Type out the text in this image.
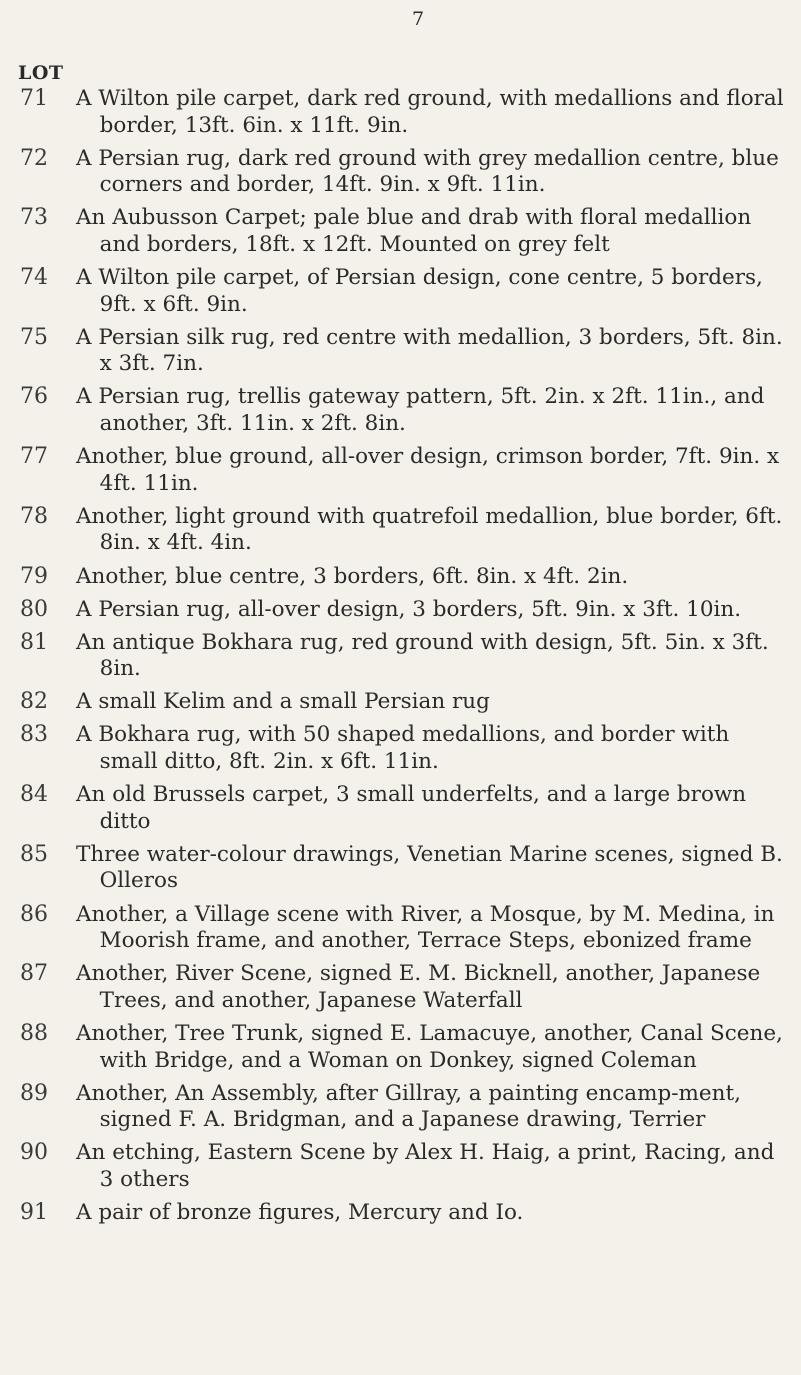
7
LOT
71 A Wilton pile carpet, dark red ground, with medallions and floral border, 13ft. 6in. x 11ft. 9in.
72 A Persian rug, dark red ground with grey medallion centre, blue corners and border, 14ft. 9in. x 9ft. 11in.
73 An Aubusson Carpet; pale blue and drab with floral medallion and borders, 18ft. x 12ft. Mounted on grey felt
74 A Wilton pile carpet, of Persian design, cone centre, 5 borders, 9ft. x 6ft. 9in.
75 A Persian silk rug, red centre with medallion, 3 borders, 5ft. 8in. x 3ft. 7in.
76 A Persian rug, trellis gateway pattern, 5ft. 2in. x 2ft. 11in., and another, 3ft. 11in. x 2ft. 8in.
77 Another, blue ground, all-over design, crimson border, 7ft. 9in. x 4ft. 11in.
78 Another, light ground with quatrefoil medallion, blue border, 6ft. 8in. x 4ft. 4in.
79 Another, blue centre, 3 borders, 6ft. 8in. x 4ft. 2in.
80 A Persian rug, all-over design, 3 borders, 5ft. 9in. x 3ft. 10in.
81 An antique Bokhara rug, red ground with design, 5ft. 5in. x 3ft. 8in.
82 A small Kelim and a small Persian rug
83 A Bokhara rug, with 50 shaped medallions, and border with small ditto, 8ft. 2in. x 6ft. 11in.
84 An old Brussels carpet, 3 small underfelts, and a large brown ditto
85 Three water-colour drawings, Venetian Marine scenes, signed B. Olleros
86 Another, a Village scene with River, a Mosque, by M. Medina, in Moorish frame, and another, Terrace Steps, ebonized frame
87 Another, River Scene, signed E. M. Bicknell, another, Japanese Trees, and another, Japanese Waterfall
88 Another, Tree Trunk, signed E. Lamacuye, another, Canal Scene, with Bridge, and a Woman on Donkey, signed Coleman
89 Another, An Assembly, after Gillray, a painting encamp-ment, signed F. A. Bridgman, and a Japanese drawing, Terrier
90 An etching, Eastern Scene by Alex H. Haig, a print, Racing, and 3 others
91 A pair of bronze figures, Mercury and Io.
